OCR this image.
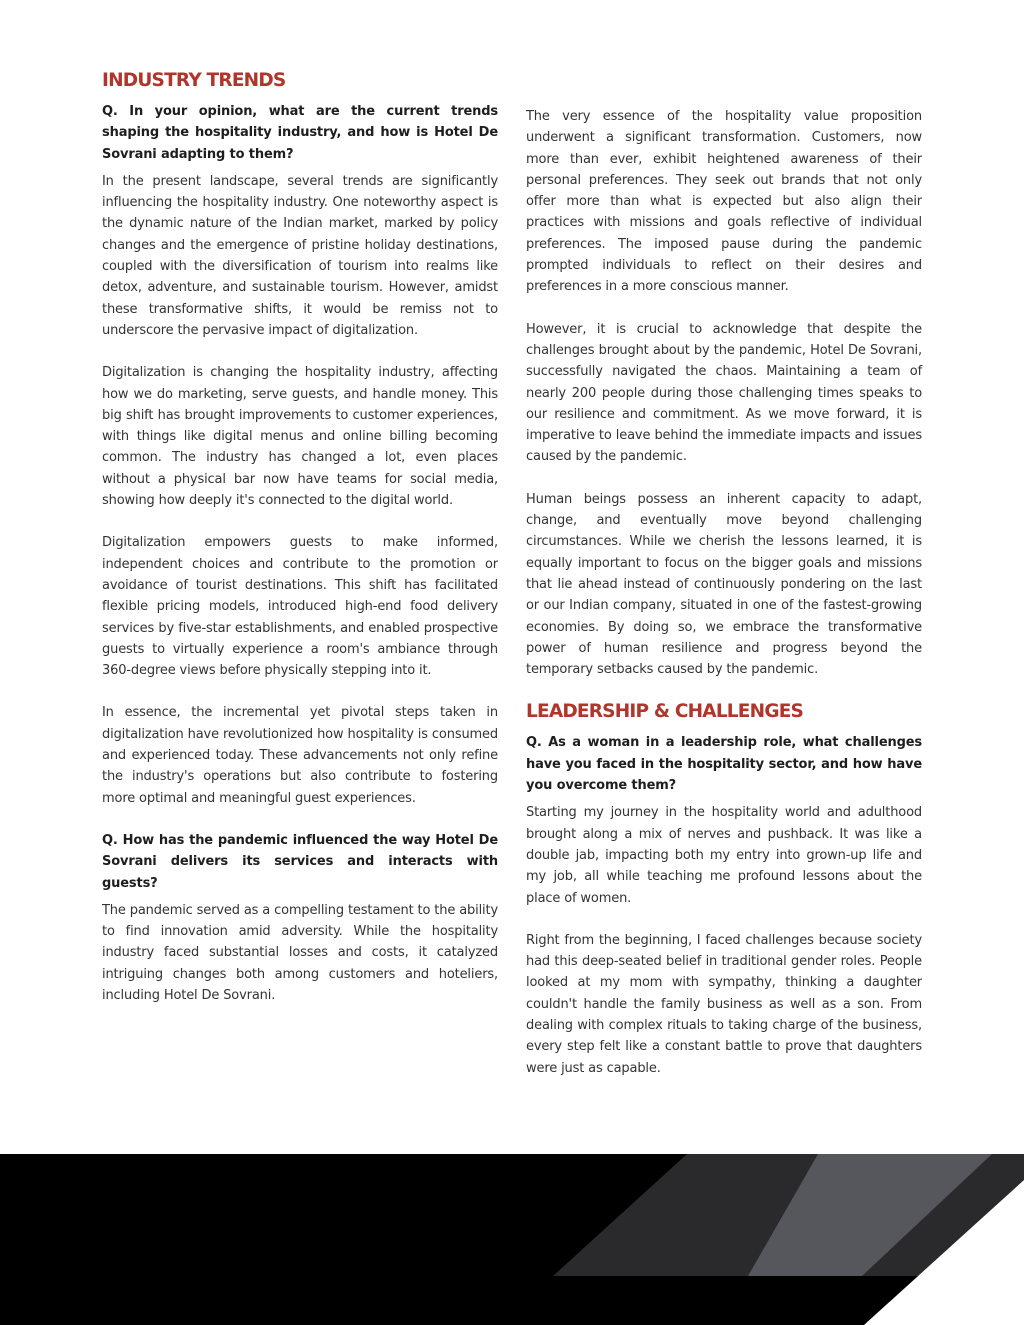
INDUSTRY TRENDS

Q. In your opinion, what are the current trends shaping the hospitality industry, and how is Hotel De Sovrani adapting to them?

In the present landscape, several trends are significantly influencing the hospitality industry. One noteworthy aspect is the dynamic nature of the Indian market, marked by policy changes and the emergence of pristine holiday destinations, coupled with the diversification of tourism into realms like detox, adventure, and sustainable tourism. However, amidst these transformative shifts, it would be remiss not to underscore the pervasive impact of digitalization.

Digitalization is changing the hospitality industry, affecting how we do marketing, serve guests, and handle money. This big shift has brought improvements to customer experiences, with things like digital menus and online billing becoming common. The industry has changed a lot, even places without a physical bar now have teams for social media, showing how deeply it's connected to the digital world.

Digitalization empowers guests to make informed, independent choices and contribute to the promotion or avoidance of tourist destinations. This shift has facilitated flexible pricing models, introduced high-end food delivery services by five-star establishments, and enabled prospective guests to virtually experience a room's ambiance through 360-degree views before physically stepping into it.

In essence, the incremental yet pivotal steps taken in digitalization have revolutionized how hospitality is consumed and experienced today. These advancements not only refine the industry's operations but also contribute to fostering more optimal and meaningful guest experiences.

Q. How has the pandemic influenced the way Hotel De Sovrani delivers its services and interacts with guests?

The pandemic served as a compelling testament to the ability to find innovation amid adversity. While the hospitality industry faced substantial losses and costs, it catalyzed intriguing changes both among customers and hoteliers, including Hotel De Sovrani.

The very essence of the hospitality value proposition underwent a significant transformation. Customers, now more than ever, exhibit heightened awareness of their personal preferences. They seek out brands that not only offer more than what is expected but also align their practices with missions and goals reflective of individual preferences. The imposed pause during the pandemic prompted individuals to reflect on their desires and preferences in a more conscious manner.

However, it is crucial to acknowledge that despite the challenges brought about by the pandemic, Hotel De Sovrani, successfully navigated the chaos. Maintaining a team of nearly 200 people during those challenging times speaks to our resilience and commitment. As we move forward, it is imperative to leave behind the immediate impacts and issues caused by the pandemic.

Human beings possess an inherent capacity to adapt, change, and eventually move beyond challenging circumstances. While we cherish the lessons learned, it is equally important to focus on the bigger goals and missions that lie ahead instead of continuously pondering on the last or our Indian company, situated in one of the fastest-growing economies. By doing so, we embrace the transformative power of human resilience and progress beyond the temporary setbacks caused by the pandemic.

LEADERSHIP & CHALLENGES

Q. As a woman in a leadership role, what challenges have you faced in the hospitality sector, and how have you overcome them?

Starting my journey in the hospitality world and adulthood brought along a mix of nerves and pushback. It was like a double jab, impacting both my entry into grown-up life and my job, all while teaching me profound lessons about the place of women.

Right from the beginning, I faced challenges because society had this deep-seated belief in traditional gender roles. People looked at my mom with sympathy, thinking a daughter couldn't handle the family business as well as a son. From dealing with complex rituals to taking charge of the business, every step felt like a constant battle to prove that daughters were just as capable.

11
